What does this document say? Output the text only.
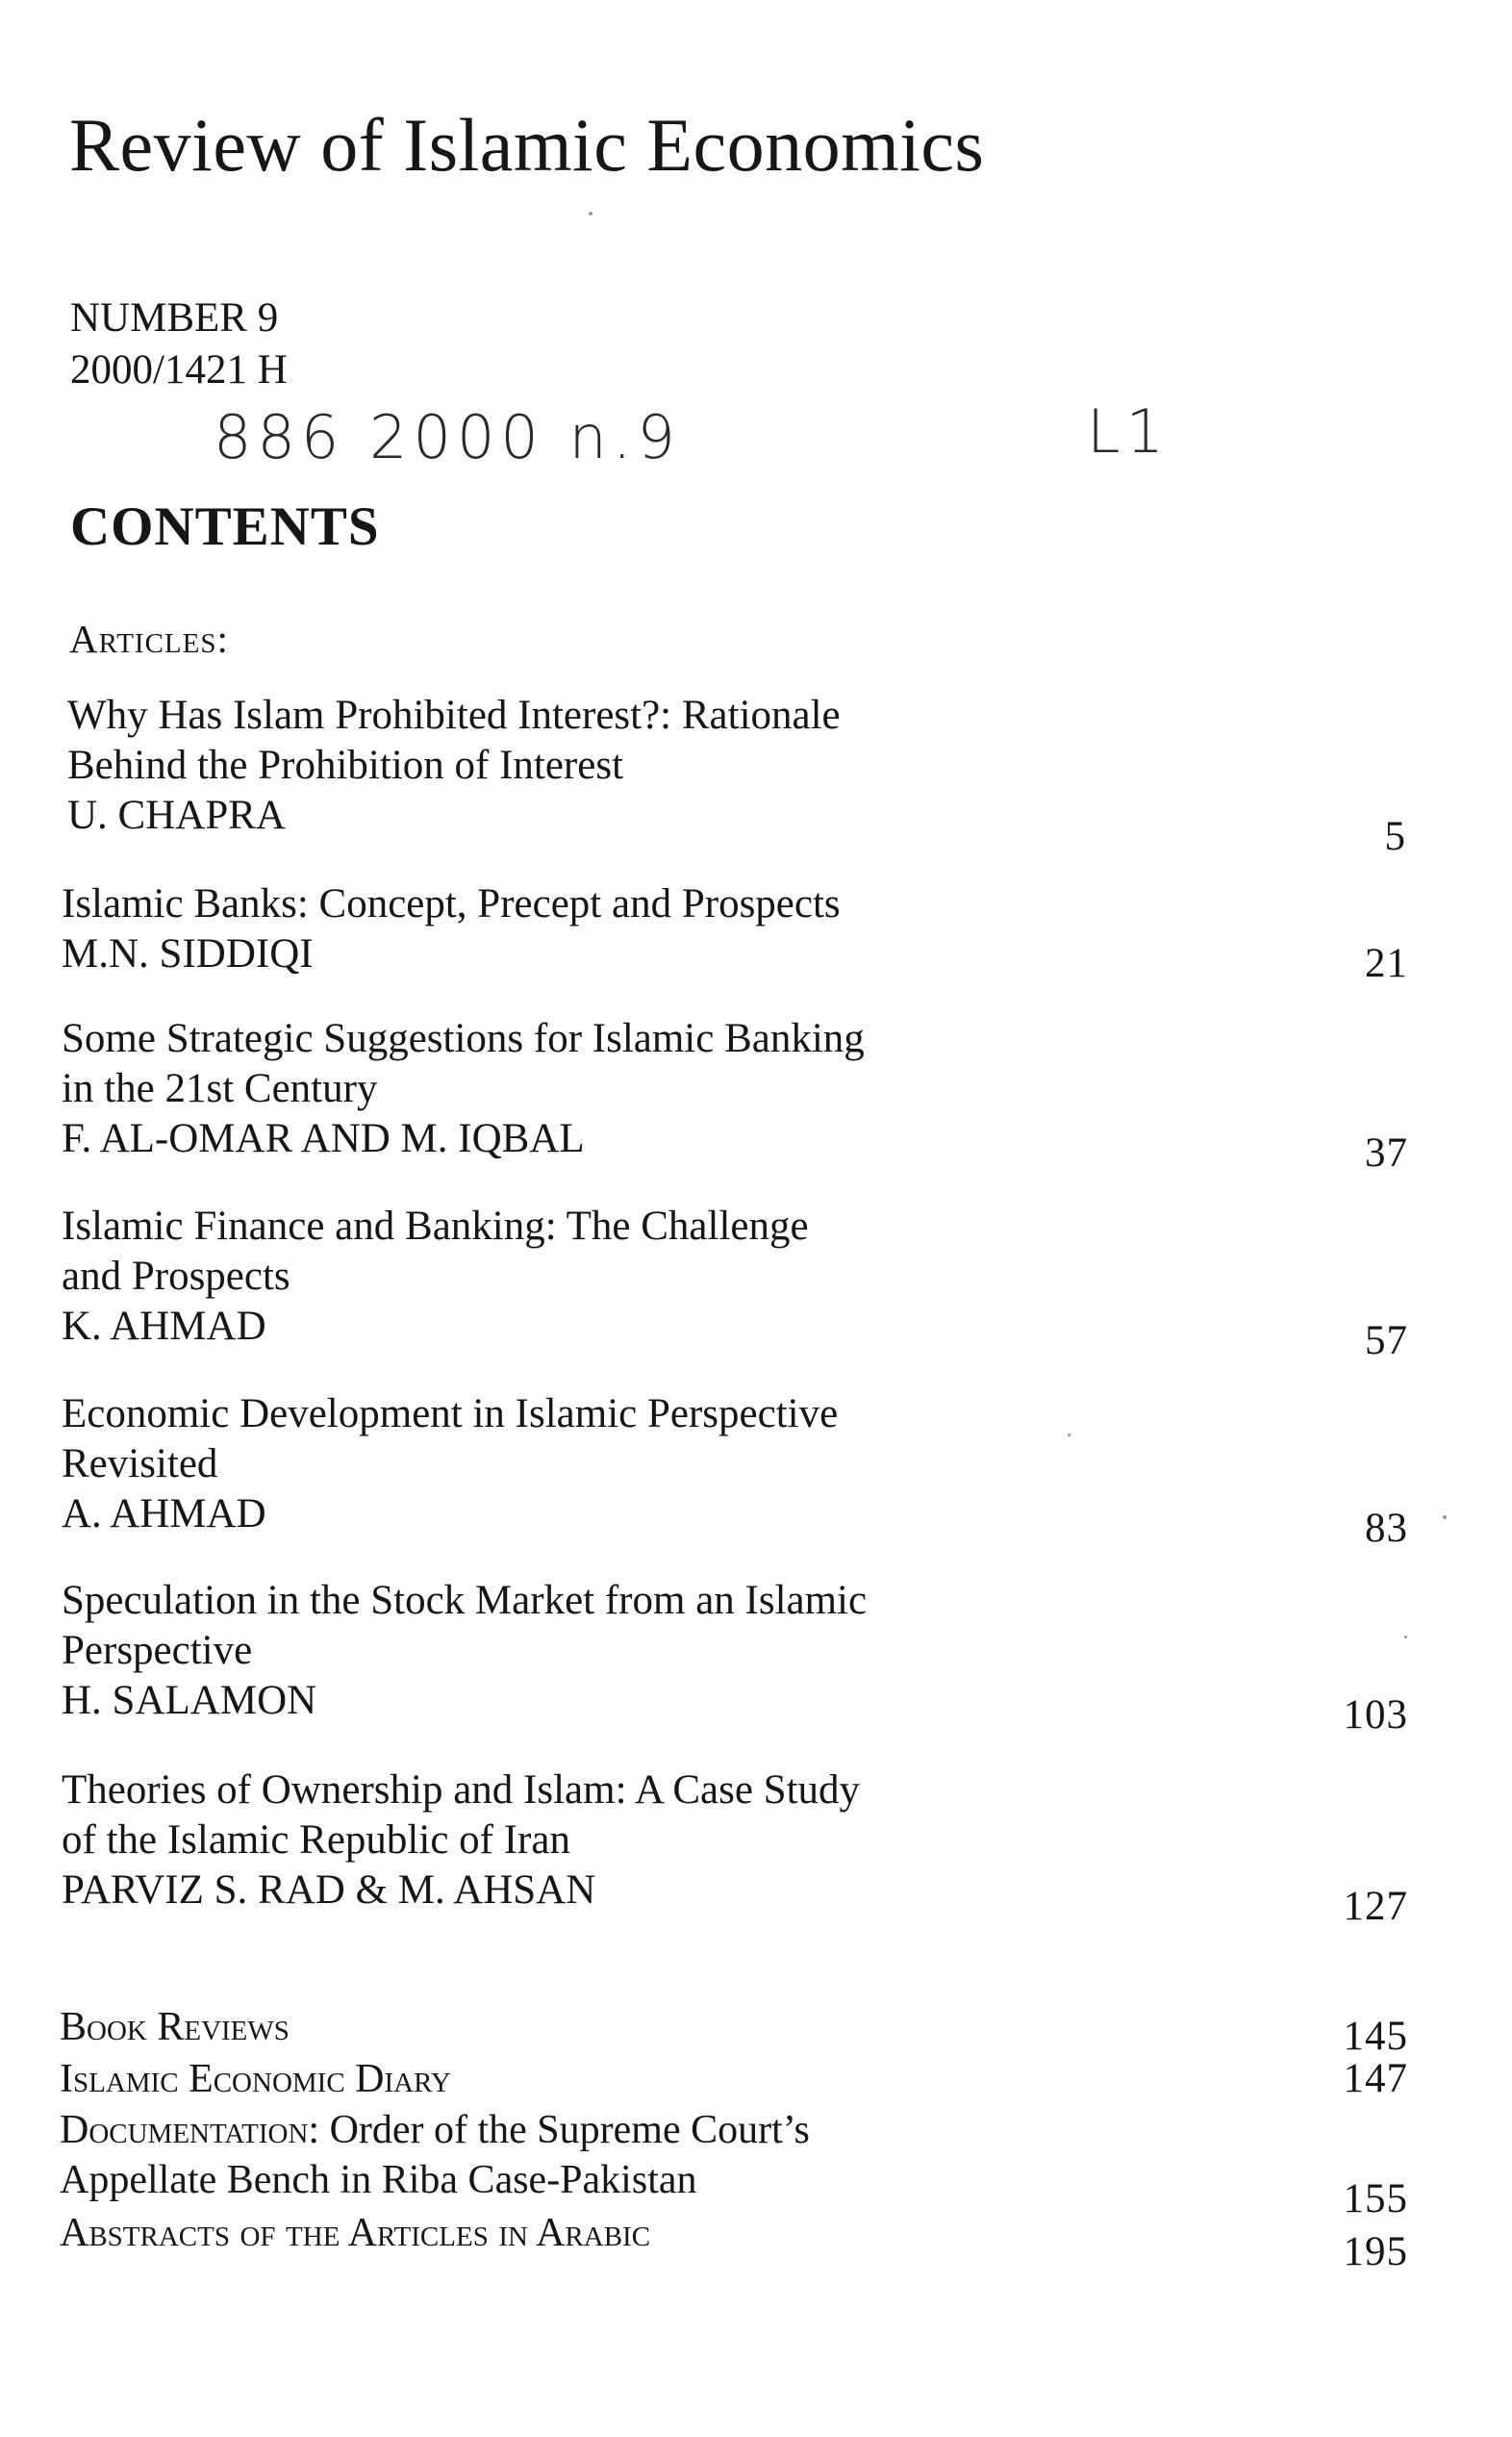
Review of Islamic Economics
NUMBER 9
2000/1421 H
886 2000 n.9	L1
CONTENTS
Articles:
Why Has Islam Prohibited Interest?: Rationale
Behind the Prohibition of Interest
U. CHAPRA	5
Islamic Banks: Concept, Precept and Prospects
M.N. SIDDIQI	21
Some Strategic Suggestions for Islamic Banking
in the 21st Century
F. AL-OMAR AND M. IQBAL	37
Islamic Finance and Banking: The Challenge
and Prospects
K. AHMAD	57
Economic Development in Islamic Perspective
Revisited
A. AHMAD	83
Speculation in the Stock Market from an Islamic
Perspective
H. SALAMON	103
Theories of Ownership and Islam: A Case Study
of the Islamic Republic of Iran
PARVIZ S. RAD & M. AHSAN	127
Book Reviews	145
Islamic Economic Diary	147
Documentation: Order of the Supreme Court’s
Appellate Bench in Riba Case-Pakistan	155
Abstracts of the Articles in Arabic	195
